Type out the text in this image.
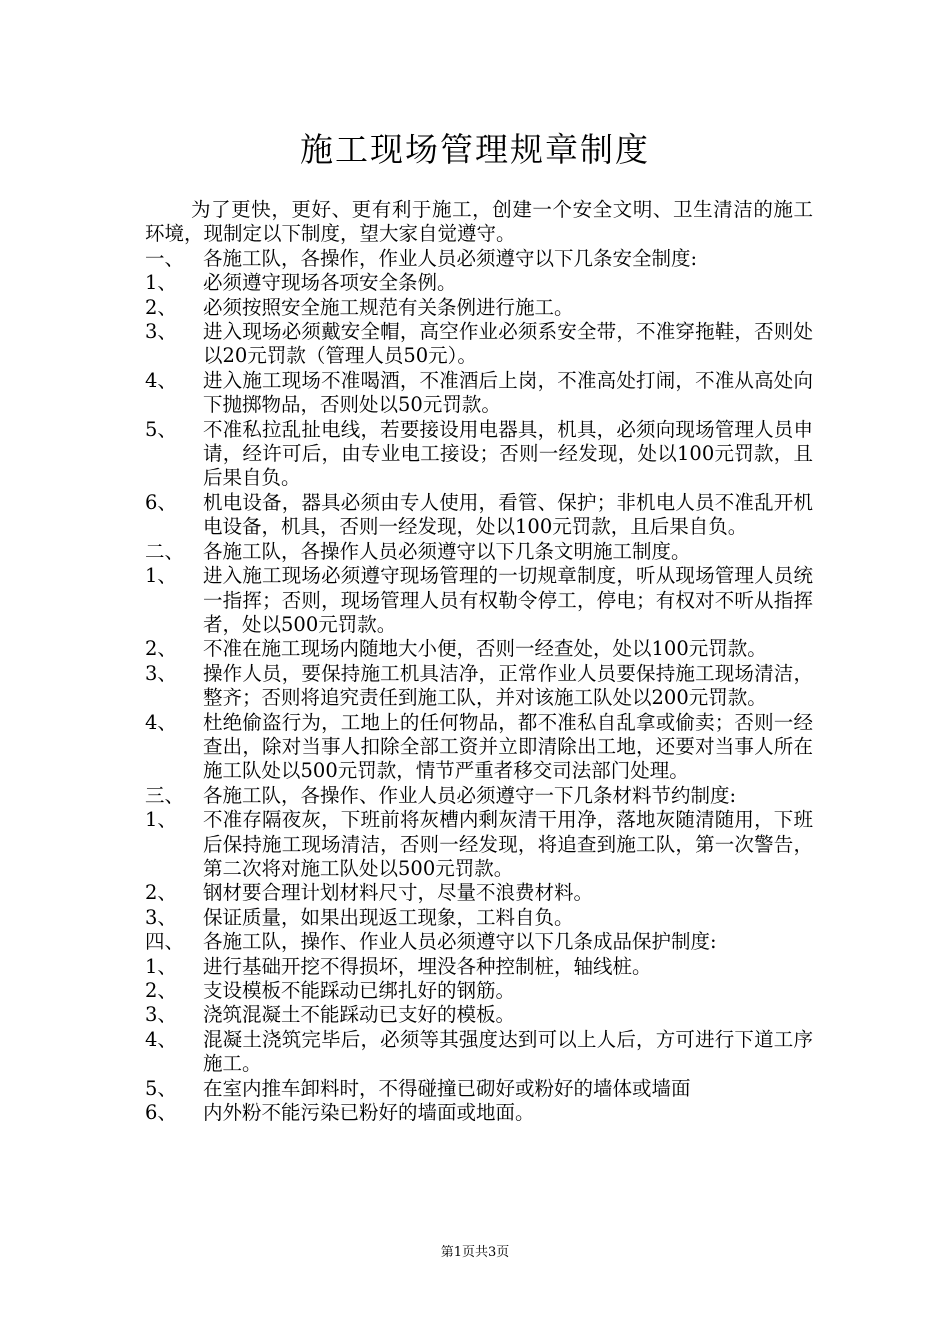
施工现场管理规章制度

为了更快，更好、更有利于施工，创建一个安全文明、卫生清洁的施工环境，现制定以下制度，望大家自觉遵守。

一、 各施工队，各操作，作业人员必须遵守以下几条安全制度:
1、	必须遵守现场各项安全条例。
2、	必须按照安全施工规范有关条例进行施工。
3、	进入现场必须戴安全帽，高空作业必须系安全带，不准穿拖鞋，否则处以20元罚款（管理人员50元）。
4、	进入施工现场不准喝酒，不准酒后上岗，不准高处打闹，不准从高处向下抛掷物品，否则处以50元罚款。
5、	不准私拉乱扯电线，若要接设用电器具，机具，必须向现场管理人员申请，经许可后，由专业电工接设；否则一经发现，处以100元罚款，且后果自负。
6、	机电设备，器具必须由专人使用，看管、保护；非机电人员不准乱开机电设备，机具，否则一经发现，处以100元罚款，且后果自负。
二、 各施工队，各操作人员必须遵守以下几条文明施工制度。
1、	进入施工现场必须遵守现场管理的一切规章制度，听从现场管理人员统一指挥；否则，现场管理人员有权勒令停工，停电；有权对不听从指挥者，处以500元罚款。
2、	不准在施工现场内随地大小便，否则一经查处，处以100元罚款。
3、	操作人员，要保持施工机具洁净，正常作业人员要保持施工现场清洁，整齐；否则将追究责任到施工队，并对该施工队处以200元罚款。
4、	杜绝偷盗行为，工地上的任何物品，都不准私自乱拿或偷卖；否则一经查出，除对当事人扣除全部工资并立即清除出工地，还要对当事人所在施工队处以500元罚款，情节严重者移交司法部门处理。
三、 各施工队，各操作、作业人员必须遵守一下几条材料节约制度:
1、	不准存隔夜灰，下班前将灰槽内剩灰清干用净，落地灰随清随用，下班后保持施工现场清洁，否则一经发现，将追查到施工队，第一次警告，第二次将对施工队处以500元罚款。
2、	钢材要合理计划材料尺寸，尽量不浪费材料。
3、	保证质量，如果出现返工现象，工料自负。
四、 各施工队，操作、作业人员必须遵守以下几条成品保护制度:
1、	进行基础开挖不得损坏，埋没各种控制桩，轴线桩。
2、	支设模板不能踩动已绑扎好的钢筋。
3、	浇筑混凝土不能踩动已支好的模板。
4、	混凝土浇筑完毕后，必须等其强度达到可以上人后，方可进行下道工序施工。
5、	在室内推车卸料时，不得碰撞已砌好或粉好的墙体或墙面
6、	内外粉不能污染已粉好的墙面或地面。
第1页共3页
